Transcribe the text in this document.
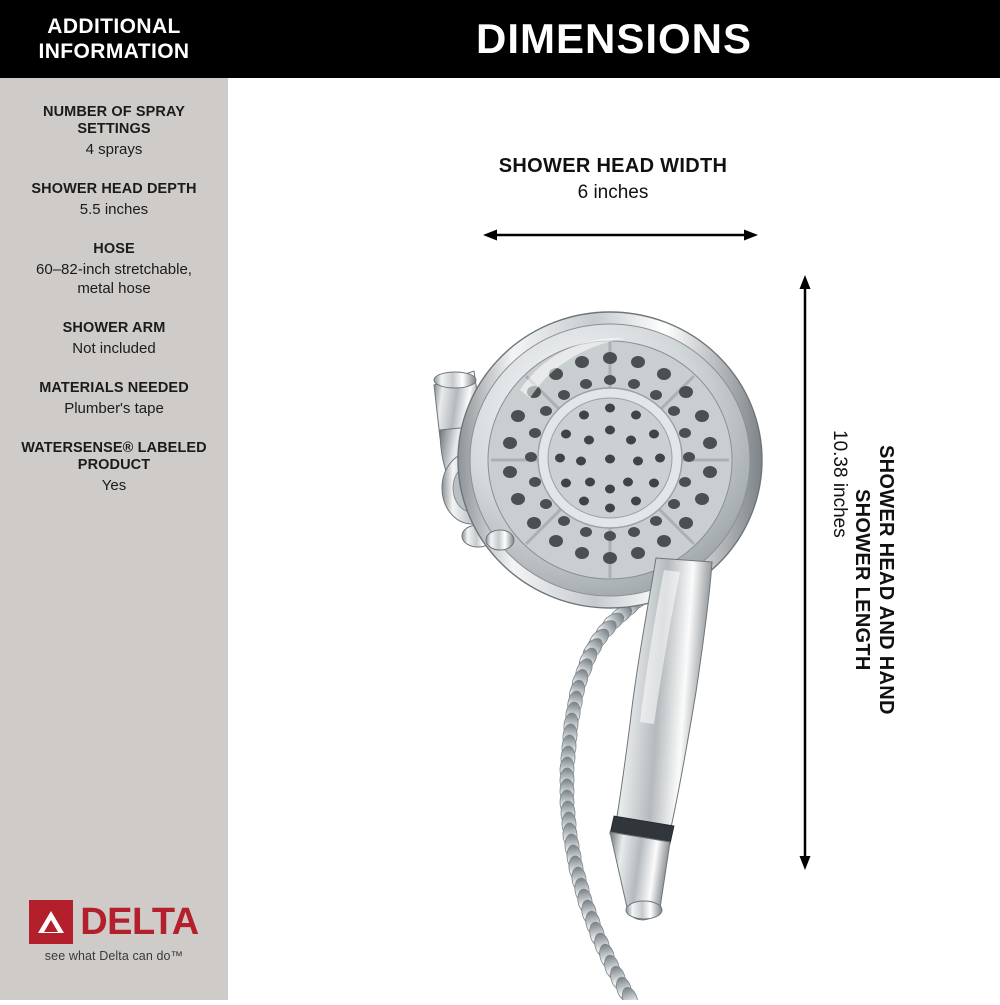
ADDITIONAL
INFORMATION
NUMBER OF SPRAY SETTINGS
4 sprays
SHOWER HEAD DEPTH
5.5 inches
HOSE
60–82-inch stretchable, metal hose
SHOWER ARM
Not included
MATERIALS NEEDED
Plumber's tape
WATERSENSE® LABELED PRODUCT
Yes
DELTA
see what Delta can do™
DIMENSIONS
SHOWER HEAD WIDTH
6 inches
10.38 inches	SHOWER HEAD AND HAND SHOWER LENGTH
